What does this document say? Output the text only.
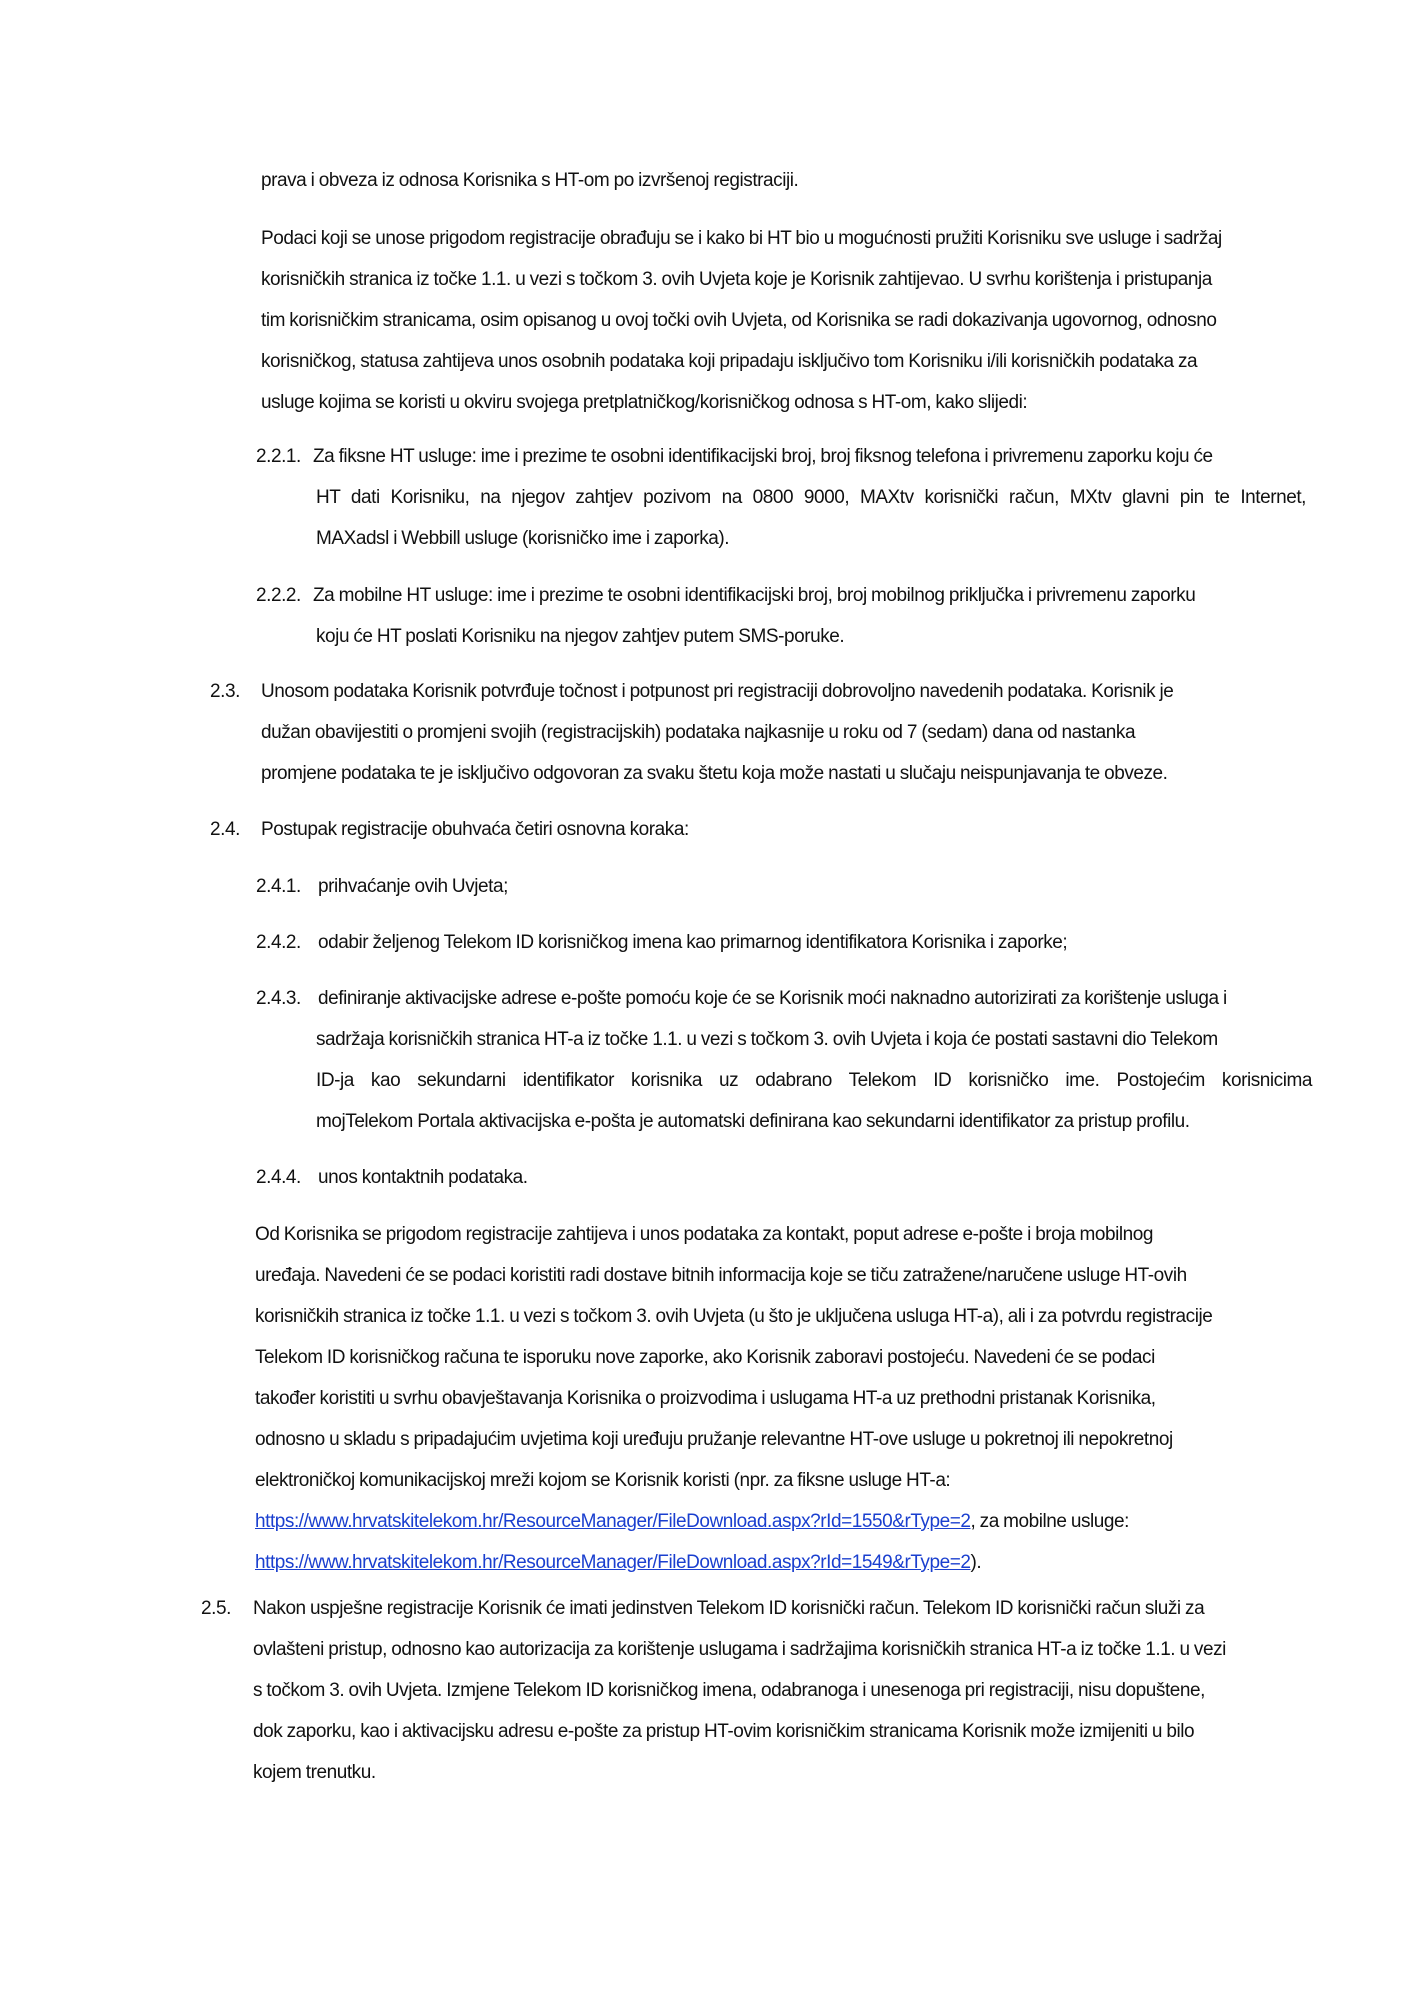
prava i obveza iz odnosa Korisnika s HT-om po izvršenoj registraciji.
Podaci koji se unose prigodom registracije obrađuju se i kako bi HT bio u mogućnosti pružiti Korisniku sve usluge i sadržaj
korisničkih stranica iz točke 1.1. u vezi s točkom 3. ovih Uvjeta koje je Korisnik zahtijevao. U svrhu korištenja i pristupanja
tim korisničkim stranicama, osim opisanog u ovoj točki ovih Uvjeta, od Korisnika se radi dokazivanja ugovornog, odnosno
korisničkog, statusa zahtijeva unos osobnih podataka koji pripadaju isključivo tom Korisniku i/ili korisničkih podataka za
usluge kojima se koristi u okviru svojega pretplatničkog/korisničkog odnosa s HT-om, kako slijedi:
2.2.1. Za fiksne HT usluge: ime i prezime te osobni identifikacijski broj, broj fiksnog telefona i privremenu zaporku koju će
HT dati Korisniku, na njegov zahtjev pozivom na 0800 9000, MAXtv korisnički račun, MXtv glavni pin te Internet,
MAXadsl i Webbill usluge (korisničko ime i zaporka).
2.2.2. Za mobilne HT usluge: ime i prezime te osobni identifikacijski broj, broj mobilnog priključka i privremenu zaporku
koju će HT poslati Korisniku na njegov zahtjev putem SMS-poruke.
2.3. Unosom podataka Korisnik potvrđuje točnost i potpunost pri registraciji dobrovoljno navedenih podataka. Korisnik je
dužan obavijestiti o promjeni svojih (registracijskih) podataka najkasnije u roku od 7 (sedam) dana od nastanka
promjene podataka te je isključivo odgovoran za svaku štetu koja može nastati u slučaju neispunjavanja te obveze.
2.4. Postupak registracije obuhvaća četiri osnovna koraka:
2.4.1. prihvaćanje ovih Uvjeta;
2.4.2. odabir željenog Telekom ID korisničkog imena kao primarnog identifikatora Korisnika i zaporke;
2.4.3. definiranje aktivacijske adrese e-pošte pomoću koje će se Korisnik moći naknadno autorizirati za korištenje usluga i
sadržaja korisničkih stranica HT-a iz točke 1.1. u vezi s točkom 3. ovih Uvjeta i koja će postati sastavni dio Telekom
ID-ja kao sekundarni identifikator korisnika uz odabrano Telekom ID korisničko ime. Postojećim korisnicima
mojTelekom Portala aktivacijska e-pošta je automatski definirana kao sekundarni identifikator za pristup profilu.
2.4.4. unos kontaktnih podataka.
Od Korisnika se prigodom registracije zahtijeva i unos podataka za kontakt, poput adrese e-pošte i broja mobilnog
uređaja. Navedeni će se podaci koristiti radi dostave bitnih informacija koje se tiču zatražene/naručene usluge HT-ovih
korisničkih stranica iz točke 1.1. u vezi s točkom 3. ovih Uvjeta (u što je uključena usluga HT-a), ali i za potvrdu registracije
Telekom ID korisničkog računa te isporuku nove zaporke, ako Korisnik zaboravi postojeću. Navedeni će se podaci
također koristiti u svrhu obavještavanja Korisnika o proizvodima i uslugama HT-a uz prethodni pristanak Korisnika,
odnosno u skladu s pripadajućim uvjetima koji uređuju pružanje relevantne HT-ove usluge u pokretnoj ili nepokretnoj
elektroničkoj komunikacijskoj mreži kojom se Korisnik koristi (npr. za fiksne usluge HT-a:
https://www.hrvatskitelekom.hr/ResourceManager/FileDownload.aspx?rId=1550&rType=2, za mobilne usluge:
https://www.hrvatskitelekom.hr/ResourceManager/FileDownload.aspx?rId=1549&rType=2).
2.5. Nakon uspješne registracije Korisnik će imati jedinstven Telekom ID korisnički račun. Telekom ID korisnički račun služi za
ovlašteni pristup, odnosno kao autorizacija za korištenje uslugama i sadržajima korisničkih stranica HT-a iz točke 1.1. u vezi
s točkom 3. ovih Uvjeta. Izmjene Telekom ID korisničkog imena, odabranoga i unesenoga pri registraciji, nisu dopuštene,
dok zaporku, kao i aktivacijsku adresu e-pošte za pristup HT-ovim korisničkim stranicama Korisnik može izmijeniti u bilo
kojem trenutku.
